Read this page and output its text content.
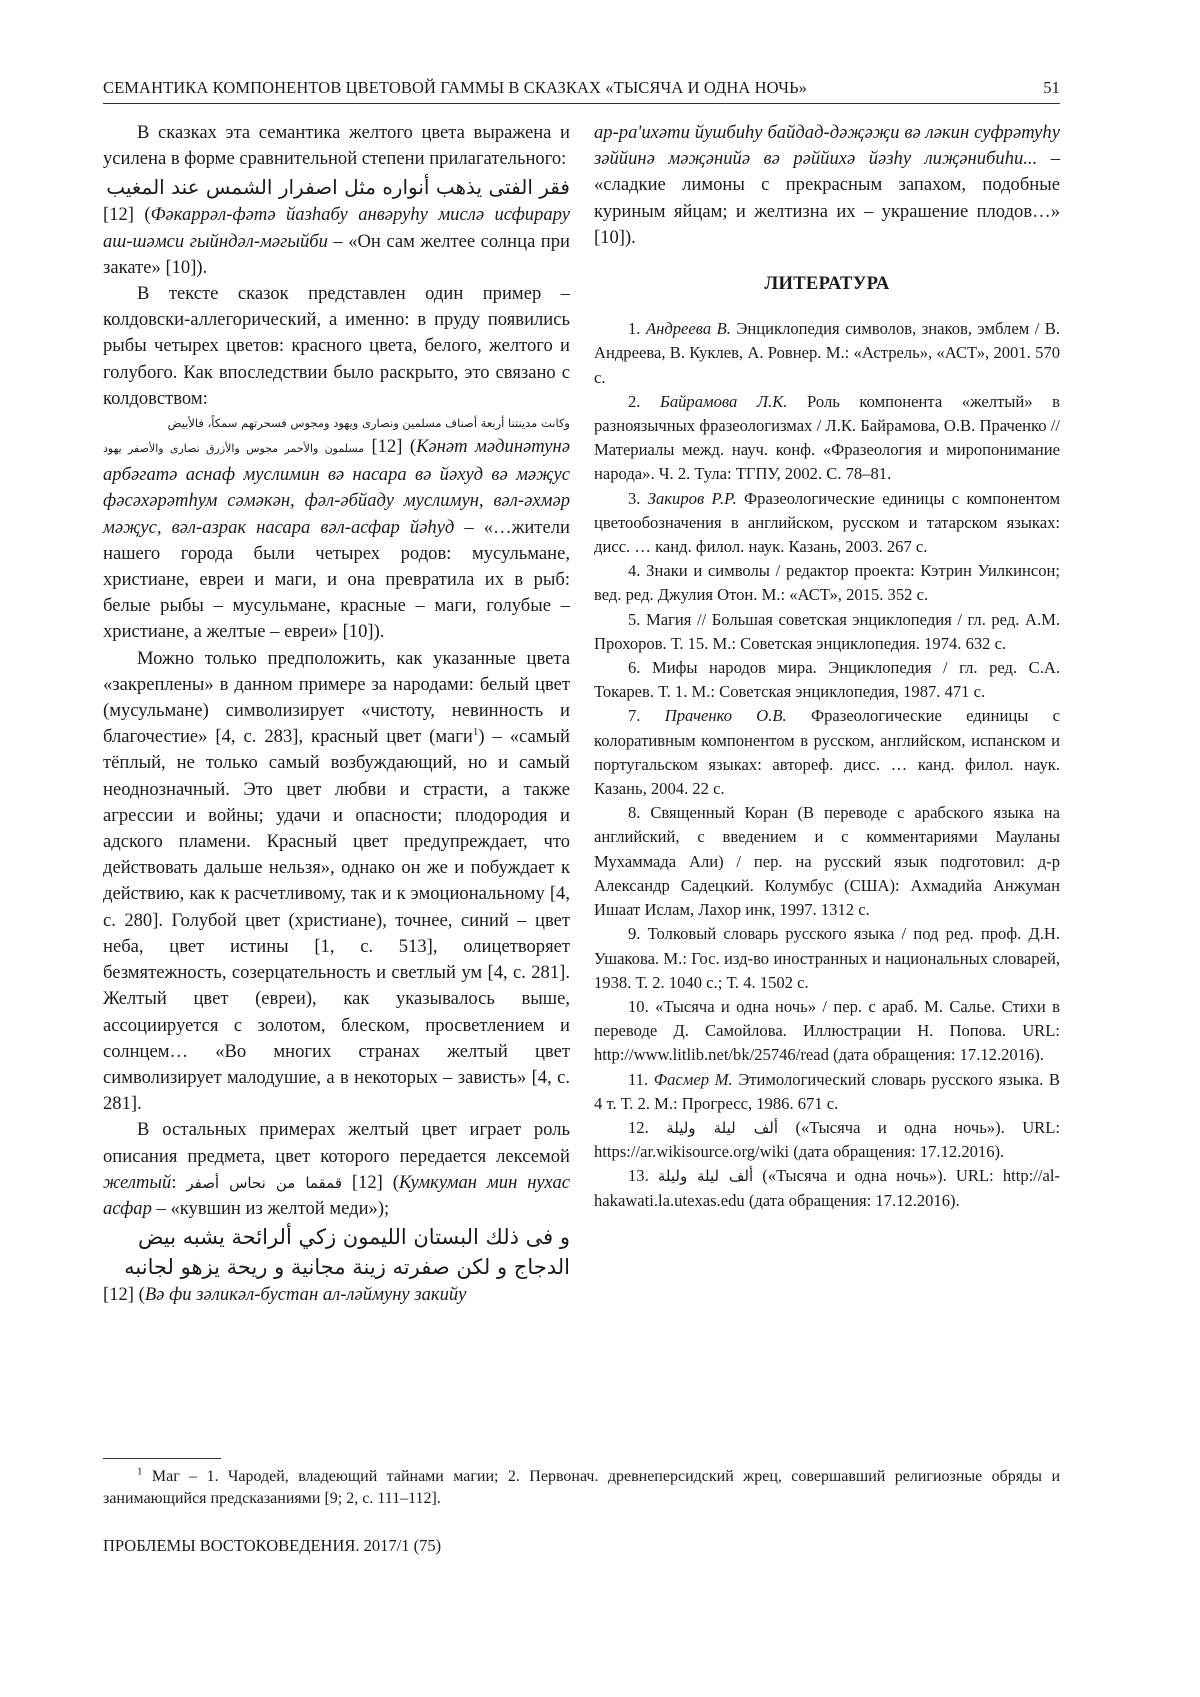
СЕМАНТИКА КОМПОНЕНТОВ ЦВЕТОВОЙ ГАММЫ В СКАЗКАХ «ТЫСЯЧА И ОДНА НОЧЬ»	51

В сказках эта семантика желтого цвета выражена и усилена в форме сравнительной степени прилагательного:

فقر الفتى يذهب أنواره مثل اصفرار الشمس عند المغيب

[12] (Фәкаррәл-фәтә йазһабу анвәруһу мислә исфирару аш-шәмси гыйндәл-мәгыйби – «Он сам желтее солнца при закате» [10]).

В тексте сказок представлен один пример – колдовски-аллегорический, а именно: в пруду появились рыбы четырех цветов: красного цвета, белого, желтого и голубого. Как впоследствии было раскрыто, это связано с колдовством:

وكانت مدينتنا أربعة أصناف مسلمين ونصارى ويهود ومجوس فسحرتهم سمكاً، فالأبيض

مسلمون والأحمر مجوس والأزرق نصارى والأصفر يهود [12] (Кәнәт мәдинәтунә арбәгатә аснаф муслимин вә насара вә йәхуд вә мәҗус фәсәхәрәтһум сәмәкән, фәл-әбйаду муслимун, вәл-әхмәр мәҗус, вәл-азрак насара вәл-асфар йәһуд – «…жители нашего города были четырех родов: мусульмане, христиане, евреи и маги, и она превратила их в рыб: белые рыбы – мусульмане, красные – маги, голубые – христиане, а желтые – евреи» [10]).

Можно только предположить, как указанные цвета «закреплены» в данном примере за народами: белый цвет (мусульмане) символизирует «чистоту, невинность и благочестие» [4, с. 283], красный цвет (маги$^1$) – «самый тёплый, не только самый возбуждающий, но и самый неоднозначный. Это цвет любви и страсти, а также агрессии и войны; удачи и опасности; плодородия и адского пламени. Красный цвет предупреждает, что действовать дальше нельзя», однако он же и побуждает к действию, как к расчетливому, так и к эмоциональному [4, с. 280]. Голубой цвет (христиане), точнее, синий – цвет неба, цвет истины [1, с. 513], олицетворяет безмятежность, созерцательность и светлый ум [4, с. 281]. Желтый цвет (евреи), как указывалось выше, ассоциируется с золотом, блеском, просветлением и солнцем… «Во многих странах желтый цвет символизирует малодушие, а в некоторых – зависть» [4, с. 281].

В остальных примерах желтый цвет играет роль описания предмета, цвет которого передается лексемой желтый: قمقما من نحاس أصفر [12] (Кумкуман мин нухас асфар – «кувшин из желтой меди»);

و فى ذلك البستان الليمون زكي ألرائحة يشبه بيض الدجاج و لكن صفرته زينة مجانية و ريحة يزهو لجانبه

[12] (Вә фи зәликәл-бустан ал-ләймуну закийу

ар-ра'ихәти йушбиһу байдад-дәҗәҗи вә ләкин суфрәтуһу зәййинә мәҗәнийә вә рәййихә йәзһу лиҗәнибиһи... – «сладкие лимоны с прекрасным запахом, подобные куриным яйцам; и желтизна их – украшение плодов…» [10]).

ЛИТЕРАТУРА

1. Андреева В. Энциклопедия символов, знаков, эмблем / В. Андреева, В. Куклев, А. Ровнер. М.: «Астрель», «АСТ», 2001. 570 с.

2. Байрамова Л.К. Роль компонента «желтый» в разноязычных фразеологизмах / Л.К. Байрамова, О.В. Праченко // Материалы межд. науч. конф. «Фразеология и миропонимание народа». Ч. 2. Тула: ТГПУ, 2002. С. 78–81.

3. Закиров Р.Р. Фразеологические единицы с компонентом цветообозначения в английском, русском и татарском языках: дисс. … канд. филол. наук. Казань, 2003. 267 с.

4. Знаки и символы / редактор проекта: Кэтрин Уилкинсон; вед. ред. Джулия Отон. М.: «АСТ», 2015. 352 с.

5. Магия // Большая советская энциклопедия / гл. ред. А.М. Прохоров. Т. 15. М.: Советская энциклопедия. 1974. 632 с.

6. Мифы народов мира. Энциклопедия / гл. ред. С.А. Токарев. Т. 1. М.: Советская энциклопедия, 1987. 471 с.

7. Праченко О.В. Фразеологические единицы с колоративным компонентом в русском, английском, испанском и португальском языках: автореф. дисс. … канд. филол. наук. Казань, 2004. 22 с.

8. Священный Коран (В переводе с арабского языка на английский, с введением и с комментариями Мауланы Мухаммада Али) / пер. на русский язык подготовил: д-р Александр Садецкий. Колумбус (США): Ахмадийа Анжуман Ишаат Ислам, Лахор инк, 1997. 1312 с.

9. Толковый словарь русского языка / под ред. проф. Д.Н. Ушакова. М.: Гос. изд-во иностранных и национальных словарей, 1938. Т. 2. 1040 с.; Т. 4. 1502 с.

10. «Тысяча и одна ночь» / пер. с араб. М. Салье. Стихи в переводе Д. Самойлова. Иллюстрации Н. Попова. URL: http://www.litlib.net/bk/25746/read (дата обращения: 17.12.2016).

11. Фасмер М. Этимологический словарь русского языка. В 4 т. Т. 2. М.: Прогресс, 1986. 671 с.

12. ألف ليلة وليلة («Тысяча и одна ночь»). URL: https://ar.wikisource.org/wiki (дата обращения: 17.12.2016).

13. ألف ليلة وليلة («Тысяча и одна ночь»). URL: http://al-hakawati.la.utexas.edu (дата обращения: 17.12.2016).

$^1$ Маг – 1. Чародей, владеющий тайнами магии; 2. Первонач. древнеперсидский жрец, совершавший религиозные обряды и занимающийся предсказаниями [9; 2, с. 111–112].
ПРОБЛЕМЫ ВОСТОКОВЕДЕНИЯ. 2017/1 (75)
